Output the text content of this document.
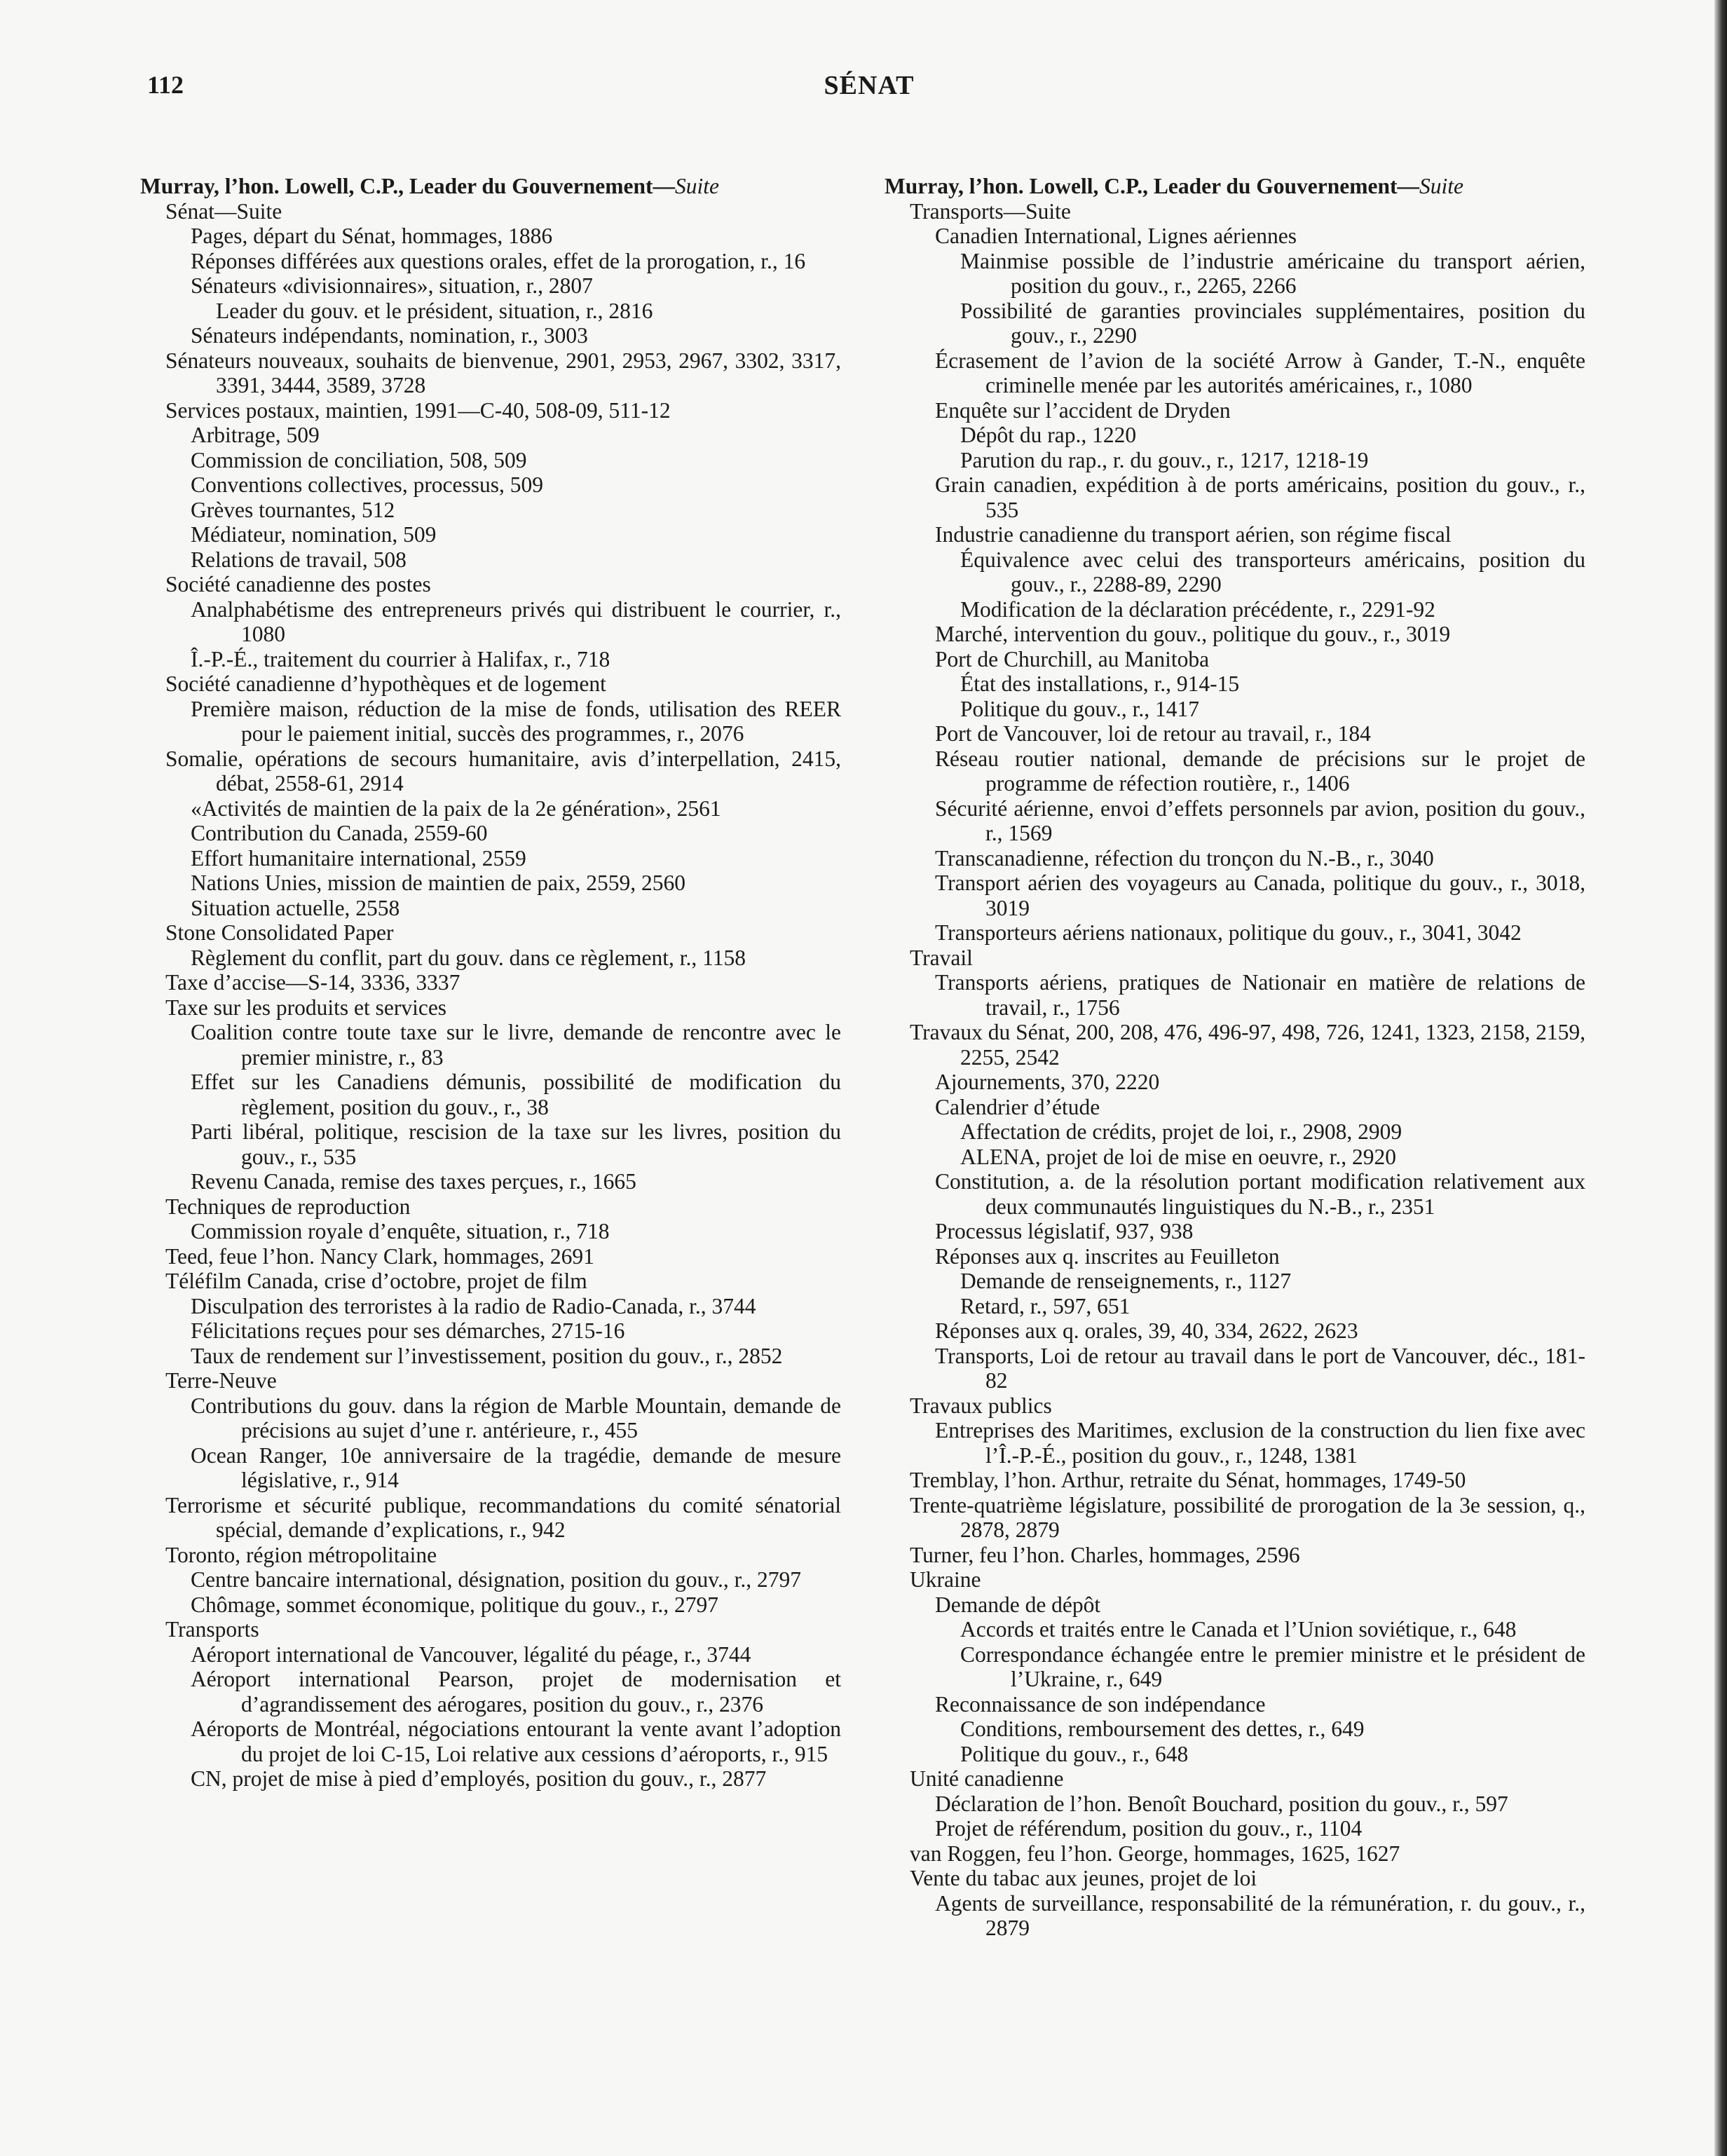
112	SÉNAT
Murray, l’hon. Lowell, C.P., Leader du Gouvernement—Suite
Sénat—Suite
Pages, départ du Sénat, hommages, 1886
Réponses différées aux questions orales, effet de la prorogation, r., 16
Sénateurs «divisionnaires», situation, r., 2807
Leader du gouv. et le président, situation, r., 2816
Sénateurs indépendants, nomination, r., 3003
Sénateurs nouveaux, souhaits de bienvenue, 2901, 2953, 2967, 3302, 3317, 3391, 3444, 3589, 3728
Services postaux, maintien, 1991—C-40, 508-09, 511-12
Arbitrage, 509
Commission de conciliation, 508, 509
Conventions collectives, processus, 509
Grèves tournantes, 512
Médiateur, nomination, 509
Relations de travail, 508
Société canadienne des postes
Analphabétisme des entrepreneurs privés qui distribuent le courrier, r., 1080
Î.-P.-É., traitement du courrier à Halifax, r., 718
Société canadienne d’hypothèques et de logement
Première maison, réduction de la mise de fonds, utilisation des REER pour le paiement initial, succès des programmes, r., 2076
Somalie, opérations de secours humanitaire, avis d’interpellation, 2415, débat, 2558-61, 2914
«Activités de maintien de la paix de la 2e génération», 2561
Contribution du Canada, 2559-60
Effort humanitaire international, 2559
Nations Unies, mission de maintien de paix, 2559, 2560
Situation actuelle, 2558
Stone Consolidated Paper
Règlement du conflit, part du gouv. dans ce règlement, r., 1158
Taxe d’accise—S-14, 3336, 3337
Taxe sur les produits et services
Coalition contre toute taxe sur le livre, demande de rencontre avec le premier ministre, r., 83
Effet sur les Canadiens démunis, possibilité de modification du règlement, position du gouv., r., 38
Parti libéral, politique, rescision de la taxe sur les livres, position du gouv., r., 535
Revenu Canada, remise des taxes perçues, r., 1665
Techniques de reproduction
Commission royale d’enquête, situation, r., 718
Teed, feue l’hon. Nancy Clark, hommages, 2691
Téléfilm Canada, crise d’octobre, projet de film
Disculpation des terroristes à la radio de Radio-Canada, r., 3744
Félicitations reçues pour ses démarches, 2715-16
Taux de rendement sur l’investissement, position du gouv., r., 2852
Terre-Neuve
Contributions du gouv. dans la région de Marble Mountain, demande de précisions au sujet d’une r. antérieure, r., 455
Ocean Ranger, 10e anniversaire de la tragédie, demande de mesure législative, r., 914
Terrorisme et sécurité publique, recommandations du comité sénatorial spécial, demande d’explications, r., 942
Toronto, région métropolitaine
Centre bancaire international, désignation, position du gouv., r., 2797
Chômage, sommet économique, politique du gouv., r., 2797
Transports
Aéroport international de Vancouver, légalité du péage, r., 3744
Aéroport international Pearson, projet de modernisation et d’agrandissement des aérogares, position du gouv., r., 2376
Aéroports de Montréal, négociations entourant la vente avant l’adoption du projet de loi C-15, Loi relative aux cessions d’aéroports, r., 915
CN, projet de mise à pied d’employés, position du gouv., r., 2877
Murray, l’hon. Lowell, C.P., Leader du Gouvernement—Suite
Transports—Suite
Canadien International, Lignes aériennes
Mainmise possible de l’industrie américaine du transport aérien, position du gouv., r., 2265, 2266
Possibilité de garanties provinciales supplémentaires, position du gouv., r., 2290
Écrasement de l’avion de la société Arrow à Gander, T.-N., enquête criminelle menée par les autorités américaines, r., 1080
Enquête sur l’accident de Dryden
Dépôt du rap., 1220
Parution du rap., r. du gouv., r., 1217, 1218-19
Grain canadien, expédition à de ports américains, position du gouv., r., 535
Industrie canadienne du transport aérien, son régime fiscal
Équivalence avec celui des transporteurs américains, position du gouv., r., 2288-89, 2290
Modification de la déclaration précédente, r., 2291-92
Marché, intervention du gouv., politique du gouv., r., 3019
Port de Churchill, au Manitoba
État des installations, r., 914-15
Politique du gouv., r., 1417
Port de Vancouver, loi de retour au travail, r., 184
Réseau routier national, demande de précisions sur le projet de programme de réfection routière, r., 1406
Sécurité aérienne, envoi d’effets personnels par avion, position du gouv., r., 1569
Transcanadienne, réfection du tronçon du N.-B., r., 3040
Transport aérien des voyageurs au Canada, politique du gouv., r., 3018, 3019
Transporteurs aériens nationaux, politique du gouv., r., 3041, 3042
Travail
Transports aériens, pratiques de Nationair en matière de relations de travail, r., 1756
Travaux du Sénat, 200, 208, 476, 496-97, 498, 726, 1241, 1323, 2158, 2159, 2255, 2542
Ajournements, 370, 2220
Calendrier d’étude
Affectation de crédits, projet de loi, r., 2908, 2909
ALENA, projet de loi de mise en oeuvre, r., 2920
Constitution, a. de la résolution portant modification relativement aux deux communautés linguistiques du N.-B., r., 2351
Processus législatif, 937, 938
Réponses aux q. inscrites au Feuilleton
Demande de renseignements, r., 1127
Retard, r., 597, 651
Réponses aux q. orales, 39, 40, 334, 2622, 2623
Transports, Loi de retour au travail dans le port de Vancouver, déc., 181-82
Travaux publics
Entreprises des Maritimes, exclusion de la construction du lien fixe avec l’Î.-P.-É., position du gouv., r., 1248, 1381
Tremblay, l’hon. Arthur, retraite du Sénat, hommages, 1749-50
Trente-quatrième législature, possibilité de prorogation de la 3e session, q., 2878, 2879
Turner, feu l’hon. Charles, hommages, 2596
Ukraine
Demande de dépôt
Accords et traités entre le Canada et l’Union soviétique, r., 648
Correspondance échangée entre le premier ministre et le président de l’Ukraine, r., 649
Reconnaissance de son indépendance
Conditions, remboursement des dettes, r., 649
Politique du gouv., r., 648
Unité canadienne
Déclaration de l’hon. Benoît Bouchard, position du gouv., r., 597
Projet de référendum, position du gouv., r., 1104
van Roggen, feu l’hon. George, hommages, 1625, 1627
Vente du tabac aux jeunes, projet de loi
Agents de surveillance, responsabilité de la rémunération, r. du gouv., r., 2879
